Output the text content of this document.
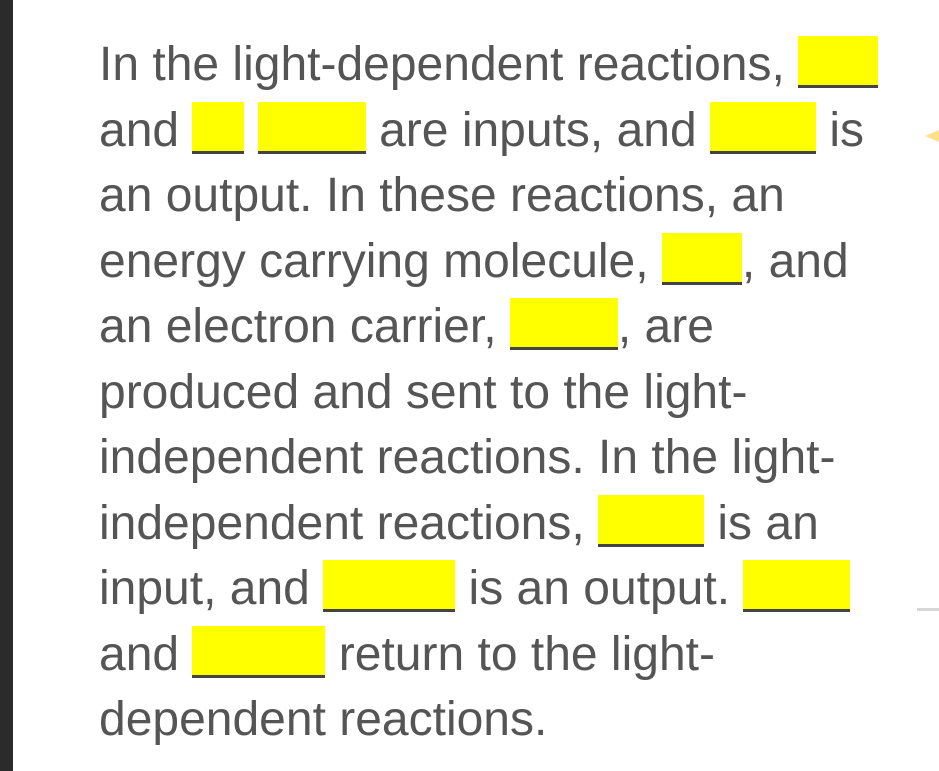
In the light-dependent reactions,
and	are inputs, and  is
an output. In these reactions, an
energy carrying molecule, , and
an electron carrier, , are
produced and sent to the light-
independent reactions. In the light-
independent reactions,  is an
input, and	is an output.
and	return to the light-
dependent reactions.
